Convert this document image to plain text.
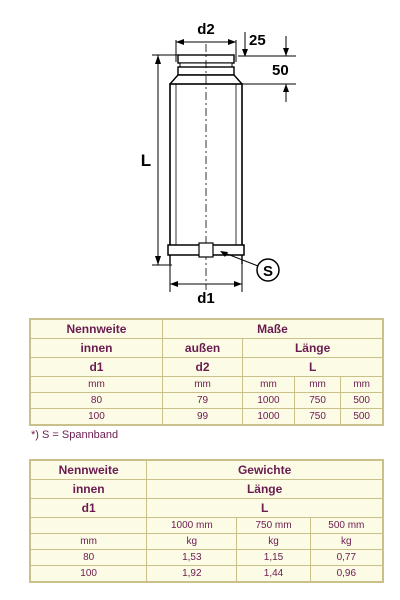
d2
25
50
S
L
d1
Nennweite	Maße			
innen	außen	Länge		
d1	d2	L		
mm	mm	mm	mm	mm
80	79	1000	750	500
100	99	1000	750	500
*) S = Spannband
Nennweite	Gewichte		
innen	Länge		
d1	L		
	1000 mm	750 mm	500 mm
mm	kg	kg	kg
80	1,53	1,15	0,77
100	1,92	1,44	0,96
